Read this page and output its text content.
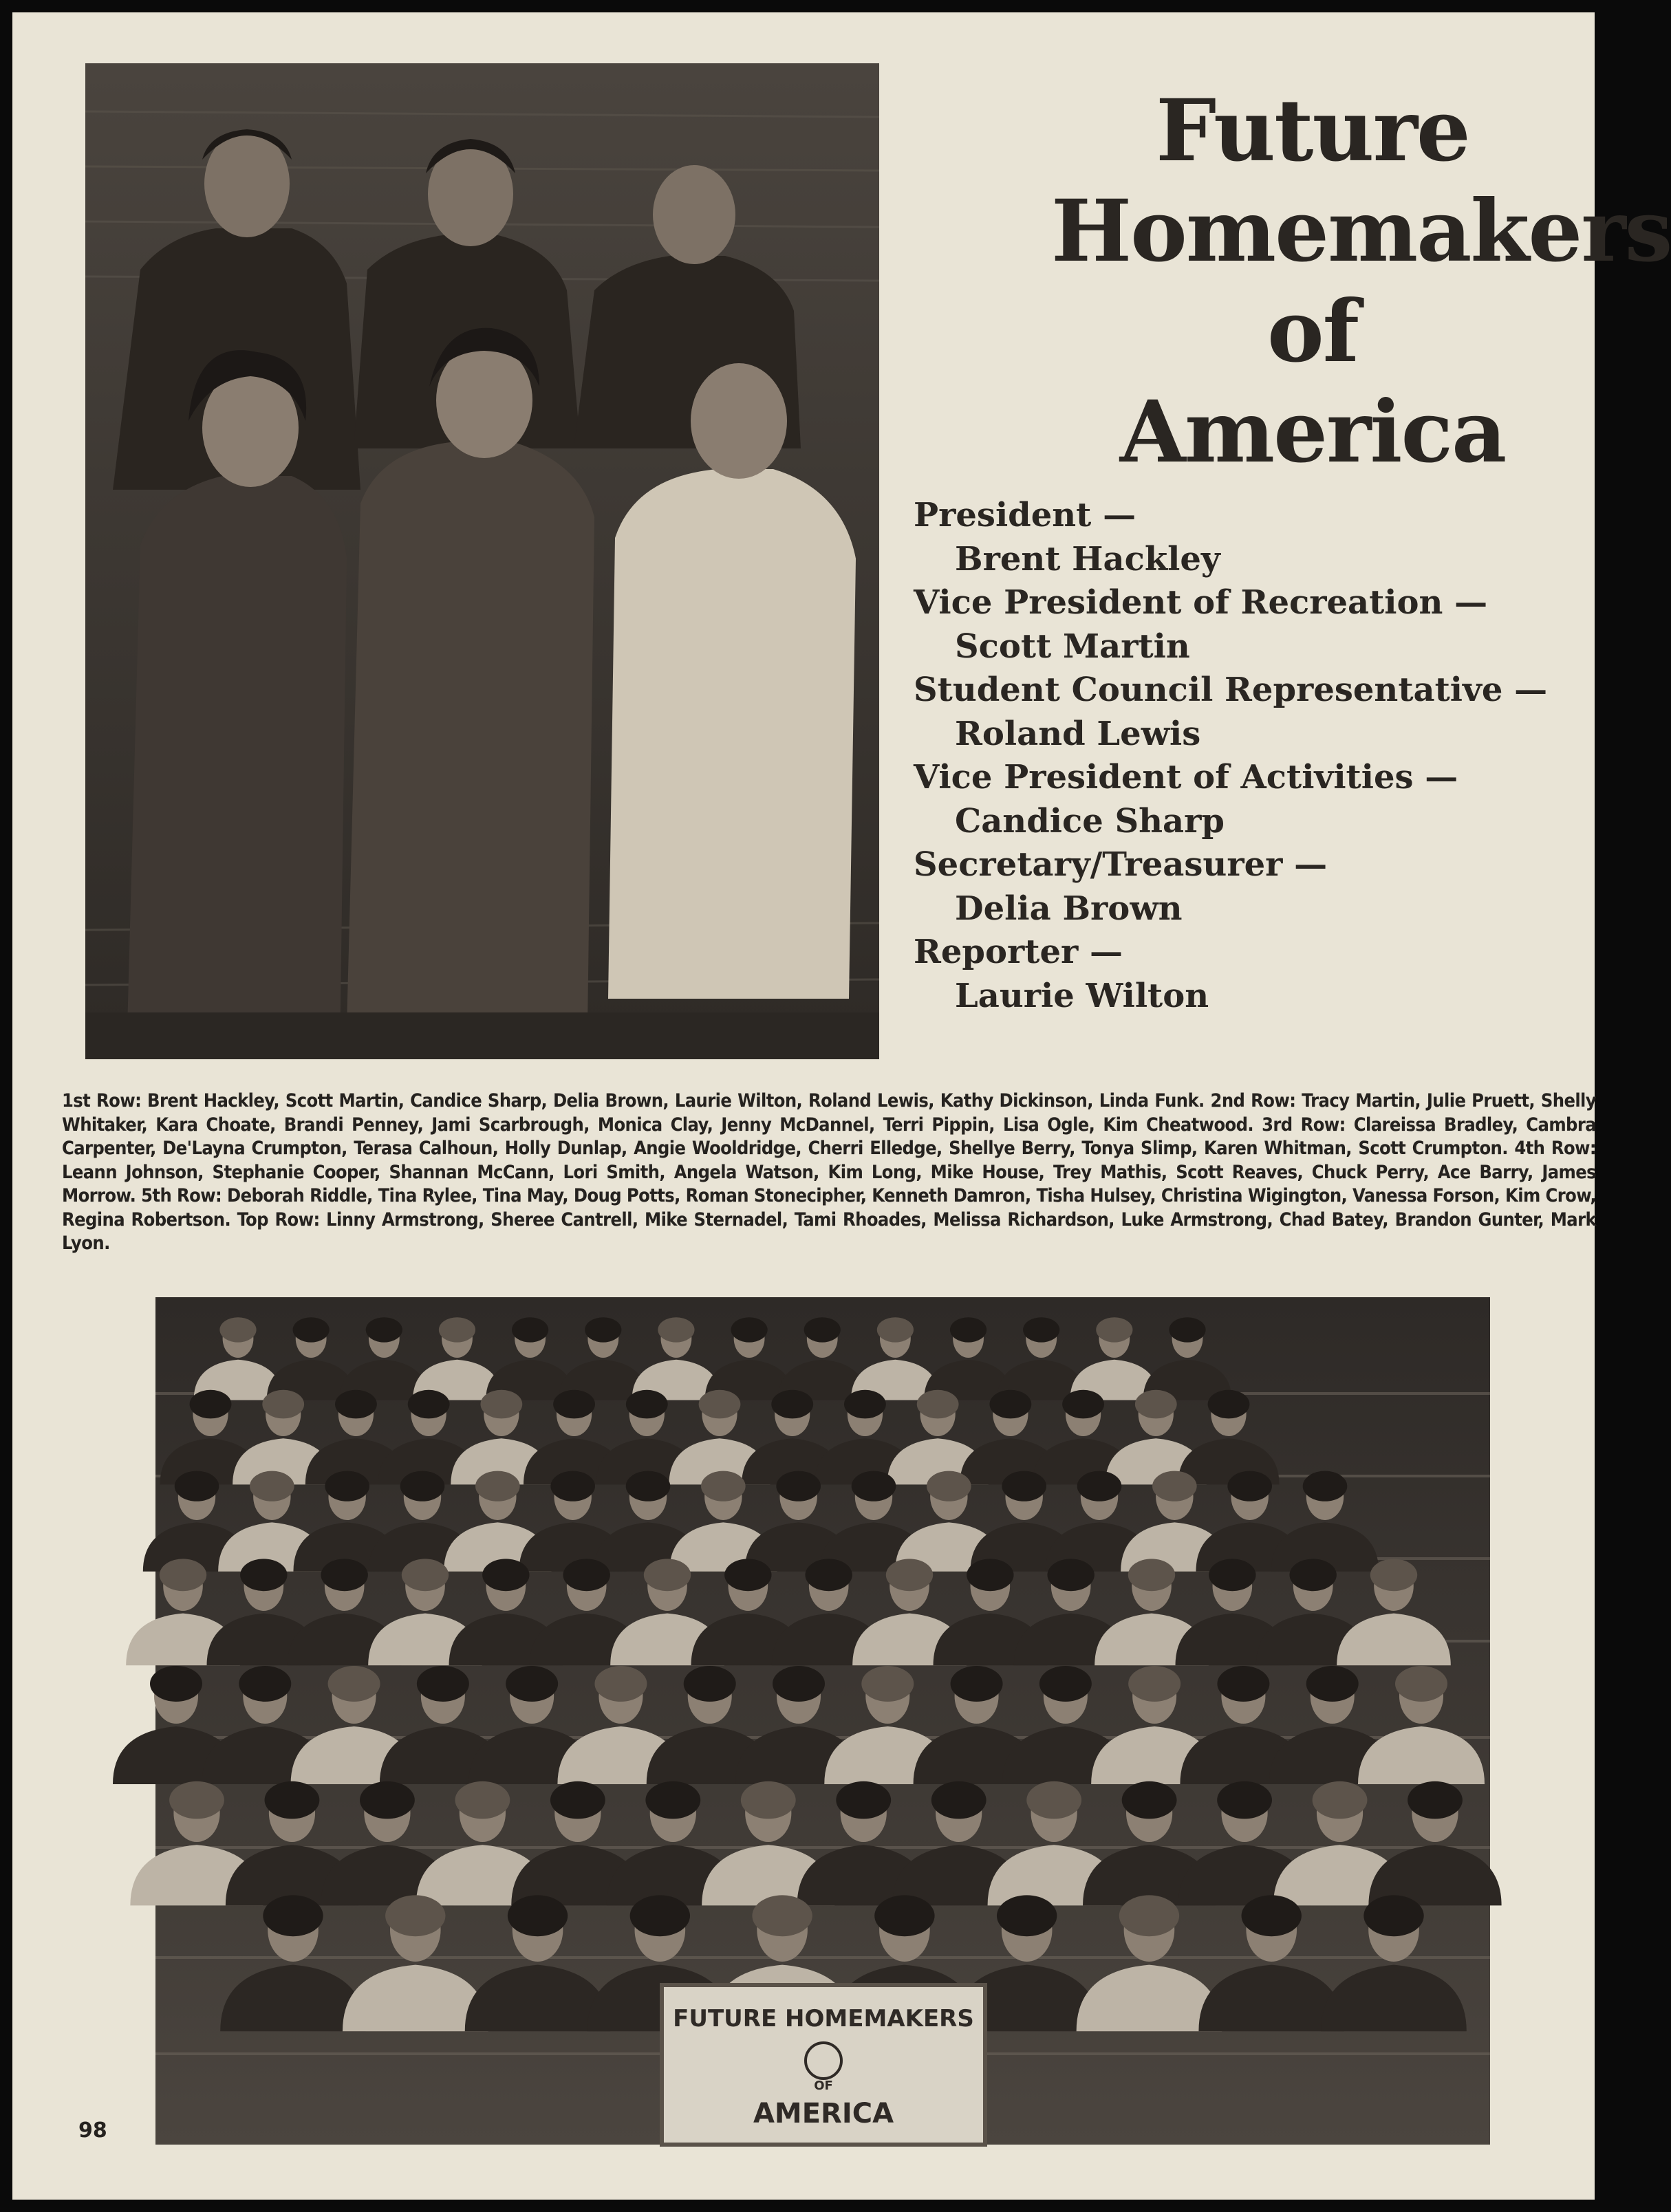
Future
Homemakers
of
America
President —
Brent Hackley
Vice President of Recreation —
Scott Martin
Student Council Representative —
Roland Lewis
Vice President of Activities —
Candice Sharp
Secretary/Treasurer —
Delia Brown
Reporter —
Laurie Wilton
1st Row: Brent Hackley, Scott Martin, Candice Sharp, Delia Brown, Laurie Wilton, Roland Lewis, Kathy Dickinson, Linda Funk. 2nd Row: Tracy Martin, Julie Pruett, Shelly Whitaker, Kara Choate, Brandi Penney, Jami Scarbrough, Monica Clay, Jenny McDannel, Terri Pippin, Lisa Ogle, Kim Cheatwood. 3rd Row: Clareissa Bradley, Cambra Carpenter, De'Layna Crumpton, Terasa Calhoun, Holly Dunlap, Angie Wooldridge, Cherri Elledge, Shellye Berry, Tonya Slimp, Karen Whitman, Scott Crumpton. 4th Row: Leann Johnson, Stephanie Cooper, Shannan McCann, Lori Smith, Angela Watson, Kim Long, Mike House, Trey Mathis, Scott Reaves, Chuck Perry, Ace Barry, James Morrow. 5th Row: Deborah Riddle, Tina Rylee, Tina May, Doug Potts, Roman Stonecipher, Kenneth Damron, Tisha Hulsey, Christina Wigington, Vanessa Forson, Kim Crow, Regina Robertson. Top Row: Linny Armstrong, Sheree Cantrell, Mike Sternadel, Tami Rhoades, Melissa Richardson, Luke Armstrong, Chad Batey, Brandon Gunter, Mark Lyon.
FUTURE HOMEMAKERS
OF
AMERICA
98
